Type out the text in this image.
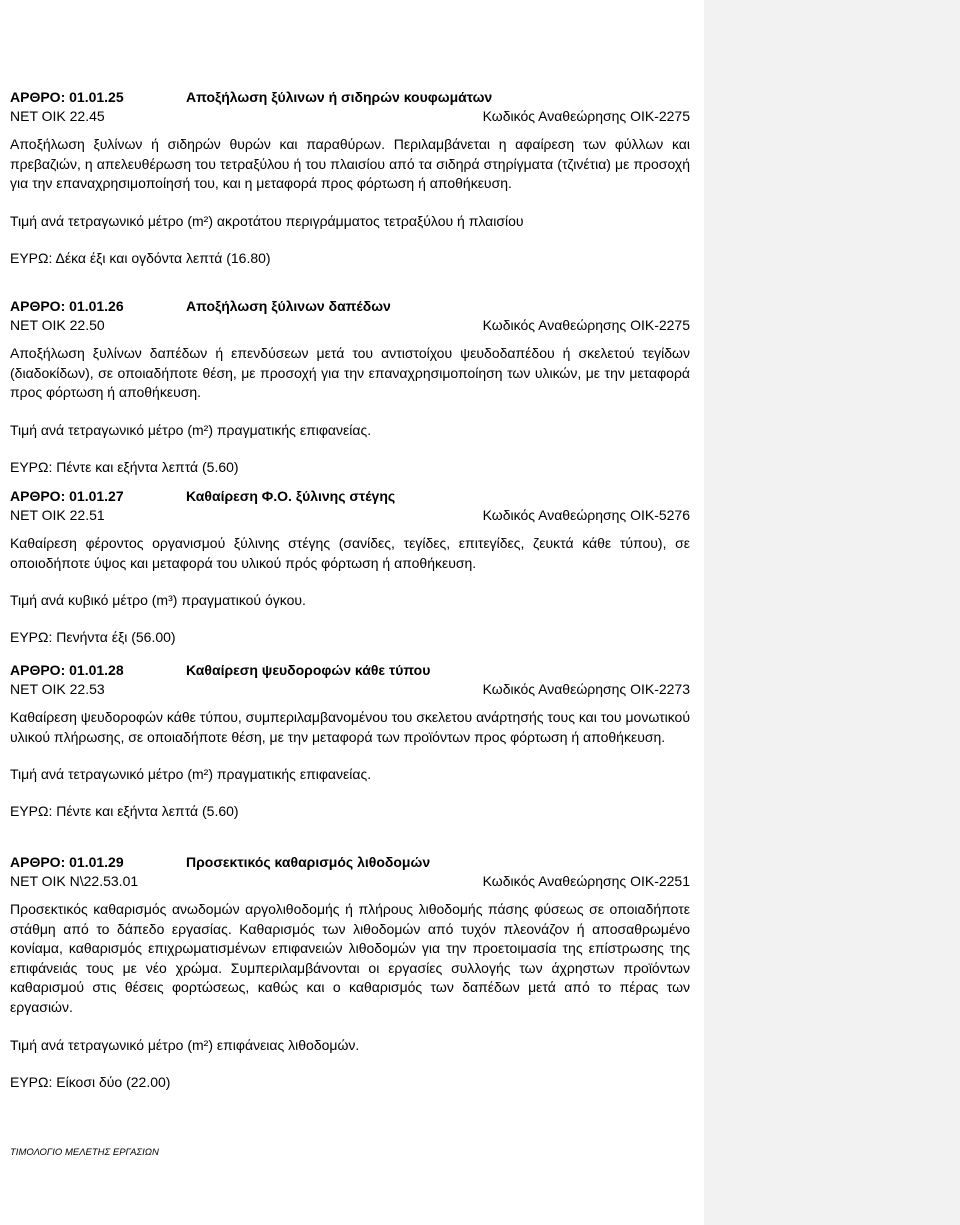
ΑΡΘΡΟ: 01.01.25	Αποξήλωση ξύλινων ή σιδηρών κουφωμάτων
ΝΕΤ ΟΙΚ 22.45	Κωδικός Αναθεώρησης ΟΙΚ-2275
Αποξήλωση ξυλίνων ή σιδηρών θυρών και παραθύρων. Περιλαμβάνεται η αφαίρεση των φύλλων και πρεβαζιών, η απελευθέρωση του τετραξύλου ή του πλαισίου από τα σιδηρά στηρίγματα (τζινέτια) με προσοχή για την επαναχρησιμοποίησή του, και η μεταφορά προς φόρτωση ή αποθήκευση.
Τιμή ανά τετραγωνικό μέτρο (m²) ακροτάτου περιγράμματος τετραξύλου ή πλαισίου
ΕΥΡΩ: Δέκα έξι και ογδόντα λεπτά (16.80)
ΑΡΘΡΟ: 01.01.26	Αποξήλωση ξύλινων δαπέδων
ΝΕΤ ΟΙΚ 22.50	Κωδικός Αναθεώρησης ΟΙΚ-2275
Αποξήλωση ξυλίνων δαπέδων ή επενδύσεων μετά του αντιστοίχου ψευδοδαπέδου ή σκελετού τεγίδων (διαδοκίδων), σε οποιαδήποτε θέση, με προσοχή για την επαναχρησιμοποίηση των υλικών, με την μεταφορά προς φόρτωση ή αποθήκευση.
Τιμή ανά τετραγωνικό μέτρο (m²) πραγματικής επιφανείας.
ΕΥΡΩ: Πέντε και εξήντα λεπτά (5.60)
ΑΡΘΡΟ: 01.01.27	Καθαίρεση Φ.Ο. ξύλινης στέγης
ΝΕΤ ΟΙΚ 22.51	Κωδικός Αναθεώρησης ΟΙΚ-5276
Καθαίρεση φέροντος οργανισμού ξύλινης στέγης (σανίδες, τεγίδες, επιτεγίδες, ζευκτά κάθε τύπου), σε οποιοδήποτε ύψος και μεταφορά του υλικού πρός φόρτωση ή αποθήκευση.
Τιμή ανά κυβικό μέτρο (m³) πραγματικού όγκου.
ΕΥΡΩ: Πενήντα έξι (56.00)
ΑΡΘΡΟ: 01.01.28	Καθαίρεση ψευδοροφών κάθε τύπου
ΝΕΤ ΟΙΚ 22.53	Κωδικός Αναθεώρησης ΟΙΚ-2273
Καθαίρεση ψευδοροφών κάθε τύπου, συμπεριλαμβανομένου του σκελετου ανάρτησής τους και του μονωτικού υλικού πλήρωσης, σε οποιαδήποτε θέση, με την μεταφορά των προϊόντων προς φόρτωση ή αποθήκευση.
Τιμή ανά τετραγωνικό μέτρο (m²) πραγματικής επιφανείας.
ΕΥΡΩ: Πέντε και εξήντα λεπτά (5.60)
ΑΡΘΡΟ: 01.01.29	Προσεκτικός καθαρισμός λιθοδομών
ΝΕΤ ΟΙΚ Ν\22.53.01	Κωδικός Αναθεώρησης ΟΙΚ-2251
Προσεκτικός καθαρισμός ανωδομών αργολιθοδομής ή πλήρους λιθοδομής πάσης φύσεως σε οποιαδήποτε στάθμη από το δάπεδο εργασίας. Καθαρισμός των λιθοδομών από τυχόν πλεονάζον ή αποσαθρωμένο κονίαμα, καθαρισμός επιχρωματισμένων επιφανειών λιθοδομών για την προετοιμασία της επίστρωσης της επιφάνειάς τους με νέο χρώμα. Συμπεριλαμβάνονται οι εργασίες συλλογής των άχρηστων προϊόντων καθαρισμού στις θέσεις φορτώσεως, καθώς και ο καθαρισμός των δαπέδων μετά από το πέρας των εργασιών.
Τιμή ανά τετραγωνικό μέτρο (m²) επιφάνειας λιθοδομών.
ΕΥΡΩ: Είκοσι δύο (22.00)
ΤΙΜΟΛΟΓΙΟ ΜΕΛΕΤΗΣ ΕΡΓΑΣΙΩΝ
